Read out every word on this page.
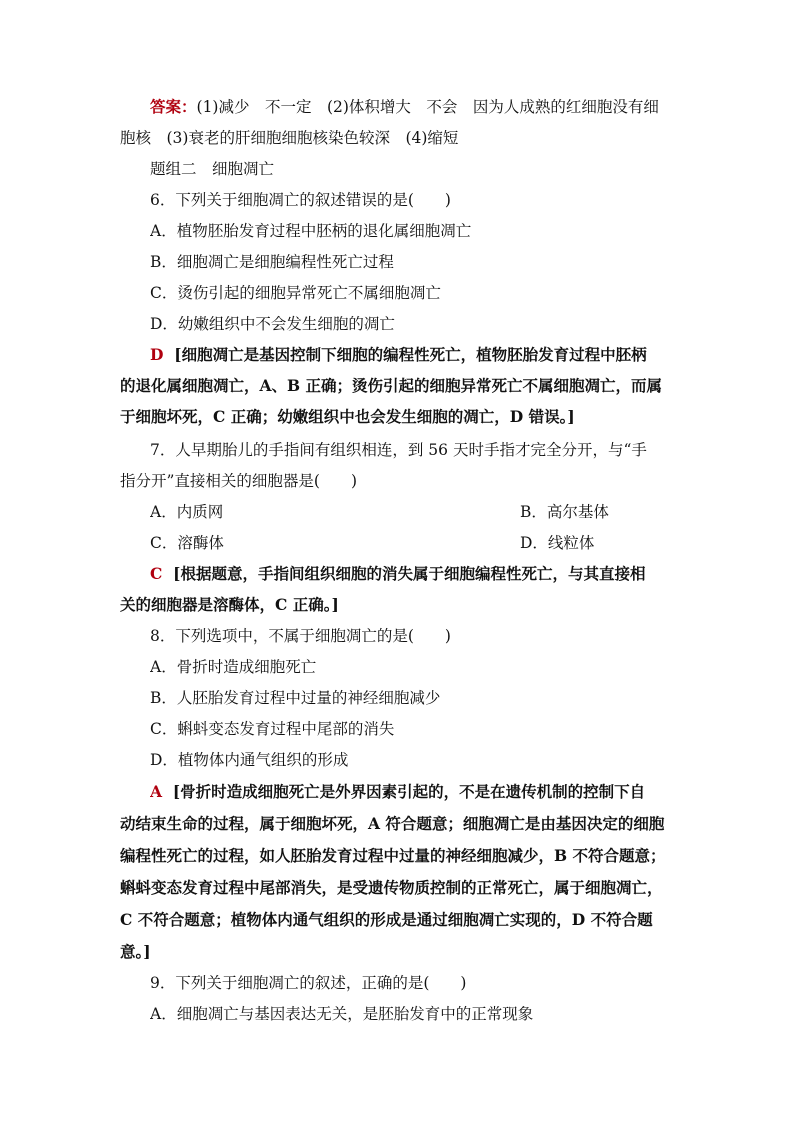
答案：(1)减少　不一定　(2)体积增大　不会　因为人成熟的红细胞没有细
胞核　(3)衰老的肝细胞细胞核染色较深　(4)缩短
题组二　细胞凋亡
6．下列关于细胞凋亡的叙述错误的是(　　)
A．植物胚胎发育过程中胚柄的退化属细胞凋亡
B．细胞凋亡是细胞编程性死亡过程
C．烫伤引起的细胞异常死亡不属细胞凋亡
D．幼嫩组织中不会发生细胞的凋亡
D [细胞凋亡是基因控制下细胞的编程性死亡，植物胚胎发育过程中胚柄
的退化属细胞凋亡，A、B 正确；烫伤引起的细胞异常死亡不属细胞凋亡，而属
于细胞坏死，C 正确；幼嫩组织中也会发生细胞的凋亡，D 错误。]
7．人早期胎儿的手指间有组织相连，到 56 天时手指才完全分开，与“手
指分开”直接相关的细胞器是(　　)
A．内质网	B．高尔基体
C．溶酶体	D．线粒体
C [根据题意，手指间组织细胞的消失属于细胞编程性死亡，与其直接相
关的细胞器是溶酶体，C 正确。]
8．下列选项中，不属于细胞凋亡的是(　　)
A．骨折时造成细胞死亡
B．人胚胎发育过程中过量的神经细胞减少
C．蝌蚪变态发育过程中尾部的消失
D．植物体内通气组织的形成
A [骨折时造成细胞死亡是外界因素引起的，不是在遗传机制的控制下自
动结束生命的过程，属于细胞坏死，A 符合题意；细胞凋亡是由基因决定的细胞
编程性死亡的过程，如人胚胎发育过程中过量的神经细胞减少，B 不符合题意；
蝌蚪变态发育过程中尾部消失，是受遗传物质控制的正常死亡，属于细胞凋亡，
C 不符合题意；植物体内通气组织的形成是通过细胞凋亡实现的，D 不符合题
意。]
9．下列关于细胞凋亡的叙述，正确的是(　　)
A．细胞凋亡与基因表达无关，是胚胎发育中的正常现象
